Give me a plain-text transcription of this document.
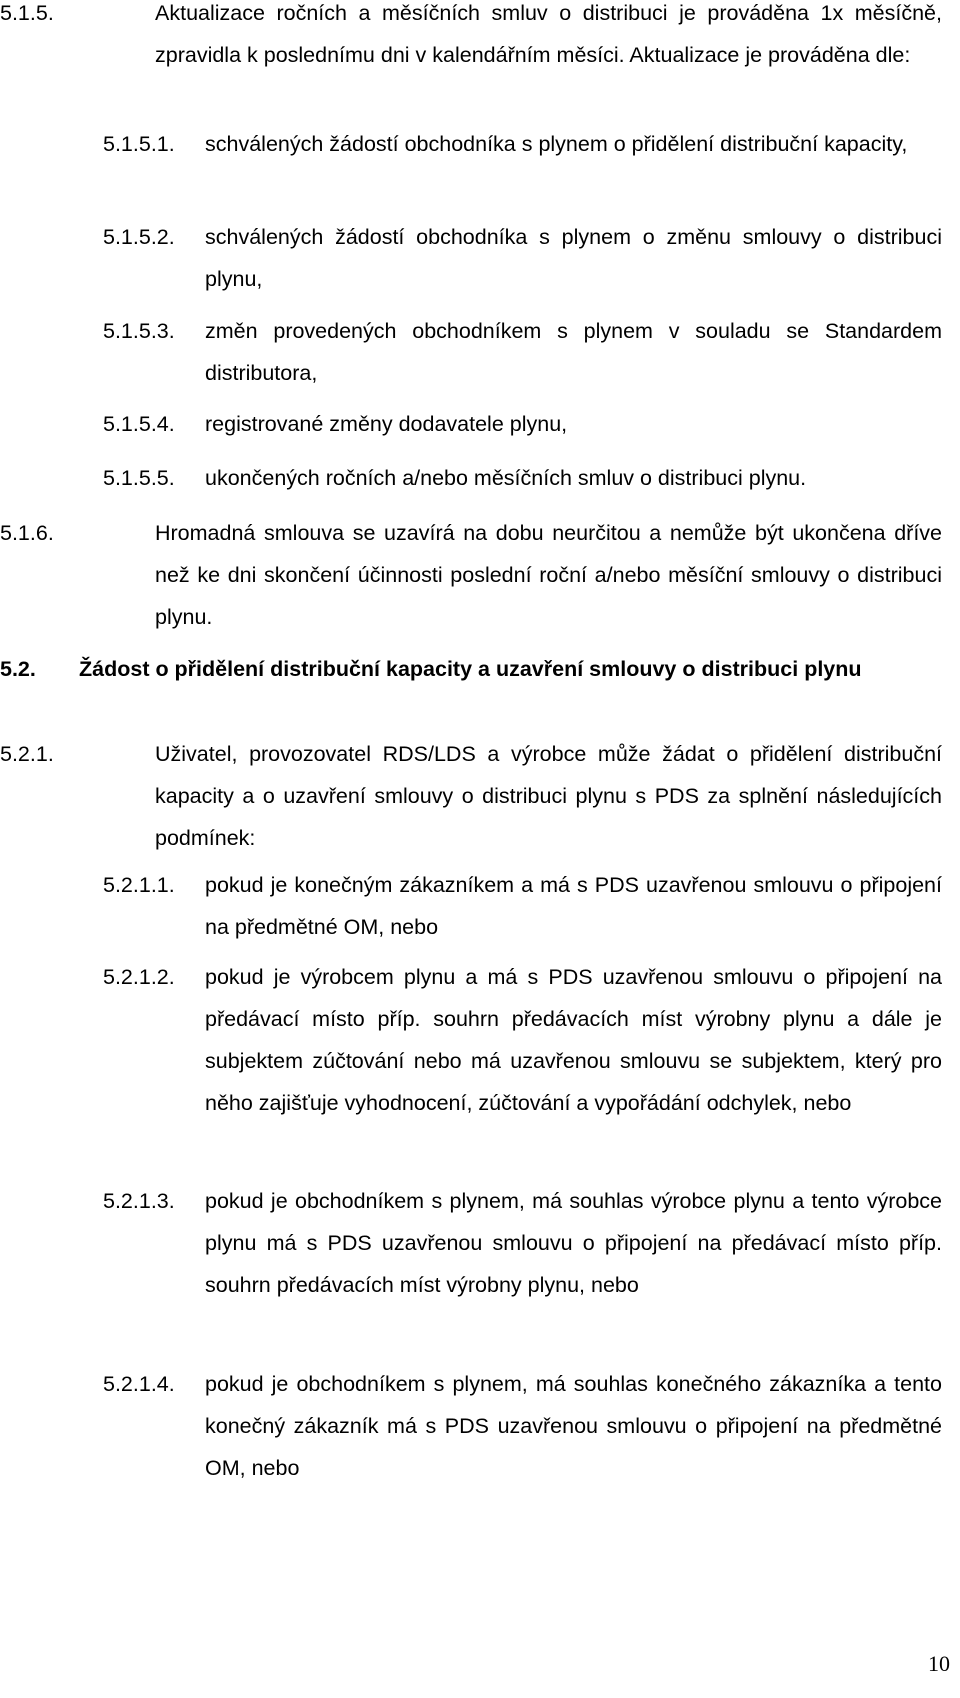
5.1.5.	Aktualizace ročních a měsíčních smluv o distribuci je prováděna 1x měsíčně, zpravidla k poslednímu dni v kalendářním měsíci. Aktualizace je prováděna dle:
5.1.5.1. schválených žádostí obchodníka s plynem o přidělení distribuční kapacity,
5.1.5.2. schválených žádostí obchodníka s plynem o změnu smlouvy o distribuci plynu,
5.1.5.3. změn provedených obchodníkem s plynem v souladu se Standardem distributora,
5.1.5.4. registrované změny dodavatele plynu,
5.1.5.5. ukončených ročních a/nebo měsíčních smluv o distribuci plynu.
5.1.6.	Hromadná smlouva se uzavírá na dobu neurčitou a nemůže být ukončena dříve než ke dni skončení účinnosti poslední roční a/nebo měsíční smlouvy o distribuci plynu.
5.2.	Žádost o přidělení distribuční kapacity a uzavření smlouvy o distribuci plynu
5.2.1.	Uživatel, provozovatel RDS/LDS a výrobce může žádat o přidělení distribuční kapacity a o uzavření smlouvy o distribuci plynu s PDS za splnění následujících podmínek:
5.2.1.1. pokud je konečným zákazníkem a má s PDS uzavřenou smlouvu o připojení na předmětné OM, nebo
5.2.1.2. pokud je výrobcem plynu a má s PDS uzavřenou smlouvu o připojení na předávací místo příp. souhrn předávacích míst výrobny plynu a dále je subjektem zúčtování nebo má uzavřenou smlouvu se subjektem, který pro něho zajišťuje vyhodnocení, zúčtování a vypořádání odchylek, nebo
5.2.1.3. pokud je obchodníkem s plynem, má souhlas výrobce plynu a tento výrobce plynu má s PDS uzavřenou smlouvu o připojení na předávací místo příp. souhrn předávacích míst výrobny plynu, nebo
5.2.1.4. pokud je obchodníkem s plynem, má souhlas konečného zákazníka a tento konečný zákazník má s PDS uzavřenou smlouvu o připojení na předmětné OM, nebo
10
